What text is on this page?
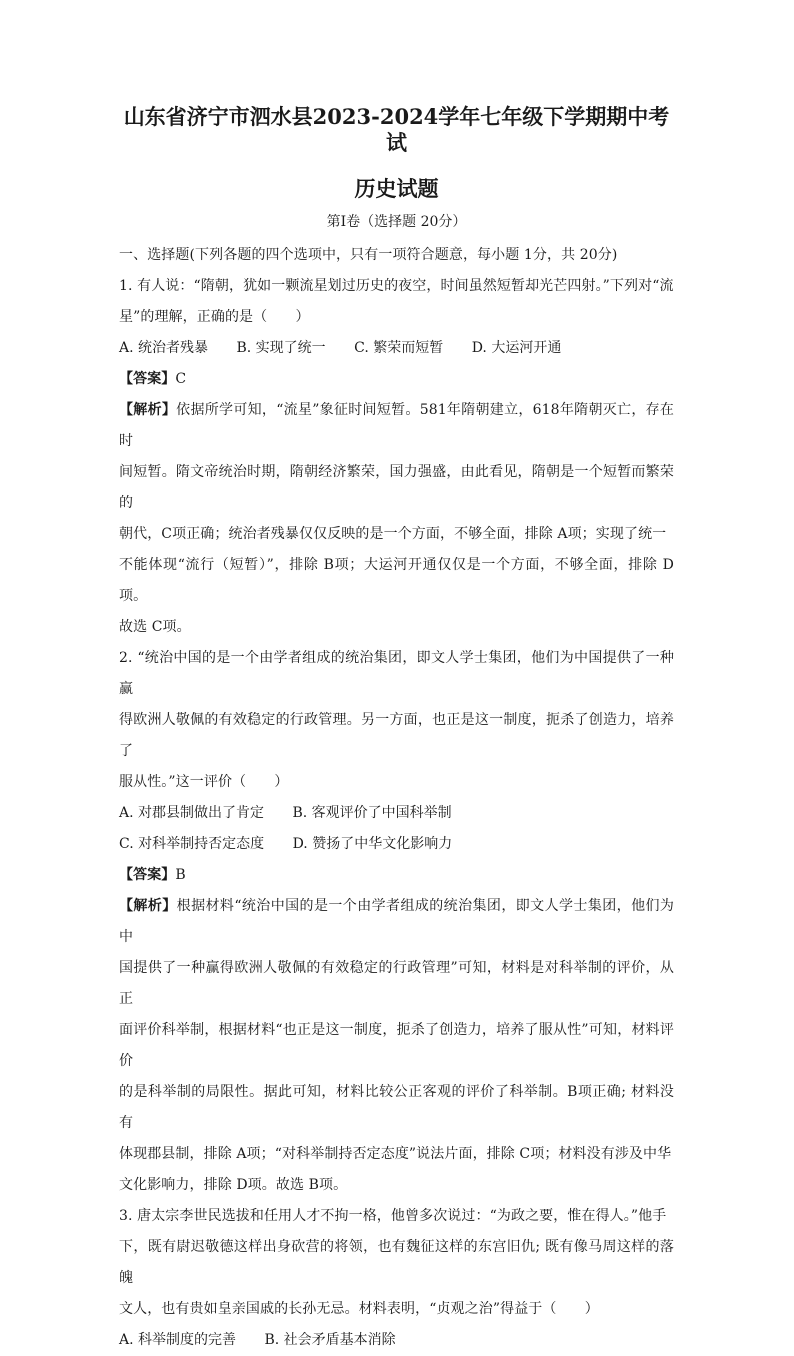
山东省济宁市泗水县2023-2024学年七年级下学期期中考试

历史试题

第Ⅰ卷（选择题 20分）

一、选择题(下列各题的四个选项中，只有一项符合题意，每小题 1分，共 20分)

1. 有人说：“隋朝，犹如一颗流星划过历史的夜空，时间虽然短暂却光芒四射。”下列对“流

星”的理解，正确的是（　　）

A. 统治者残暴 B. 实现了统一 C. 繁荣而短暂 D. 大运河开通

【答案】C

【解析】依据所学可知，“流星”象征时间短暂。581年隋朝建立，618年隋朝灭亡，存在时

间短暂。隋文帝统治时期，隋朝经济繁荣，国力强盛，由此看见，隋朝是一个短暂而繁荣的

朝代，C项正确；统治者残暴仅仅反映的是一个方面，不够全面，排除 A项；实现了统一

不能体现“流行（短暂）”，排除 B项；大运河开通仅仅是一个方面，不够全面，排除 D项。

故选 C项。

2. “统治中国的是一个由学者组成的统治集团，即文人学士集团，他们为中国提供了一种赢

得欧洲人敬佩的有效稳定的行政管理。另一方面，也正是这一制度，扼杀了创造力，培养了

服从性。”这一评价（　　）

A. 对郡县制做出了肯定 B. 客观评价了中国科举制

C. 对科举制持否定态度 D. 赞扬了中华文化影响力

【答案】B

【解析】根据材料“统治中国的是一个由学者组成的统治集团，即文人学士集团，他们为中

国提供了一种赢得欧洲人敬佩的有效稳定的行政管理”可知，材料是对科举制的评价，从正

面评价科举制，根据材料“也正是这一制度，扼杀了创造力，培养了服从性”可知，材料评价

的是科举制的局限性。据此可知，材料比较公正客观的评价了科举制。B项正确; 材料没有

体现郡县制，排除 A项；“对科举制持否定态度”说法片面，排除 C项；材料没有涉及中华

文化影响力，排除 D项。故选 B项。

3. 唐太宗李世民选拔和任用人才不拘一格，他曾多次说过：“为政之要，惟在得人。”他手

下，既有尉迟敬德这样出身砍营的将领，也有魏征这样的东宫旧仇; 既有像马周这样的落魄

文人，也有贵如皇亲国戚的长孙无忌。材料表明，“贞观之治”得益于（　　）

A. 科举制度的完善 B. 社会矛盾基本消除
